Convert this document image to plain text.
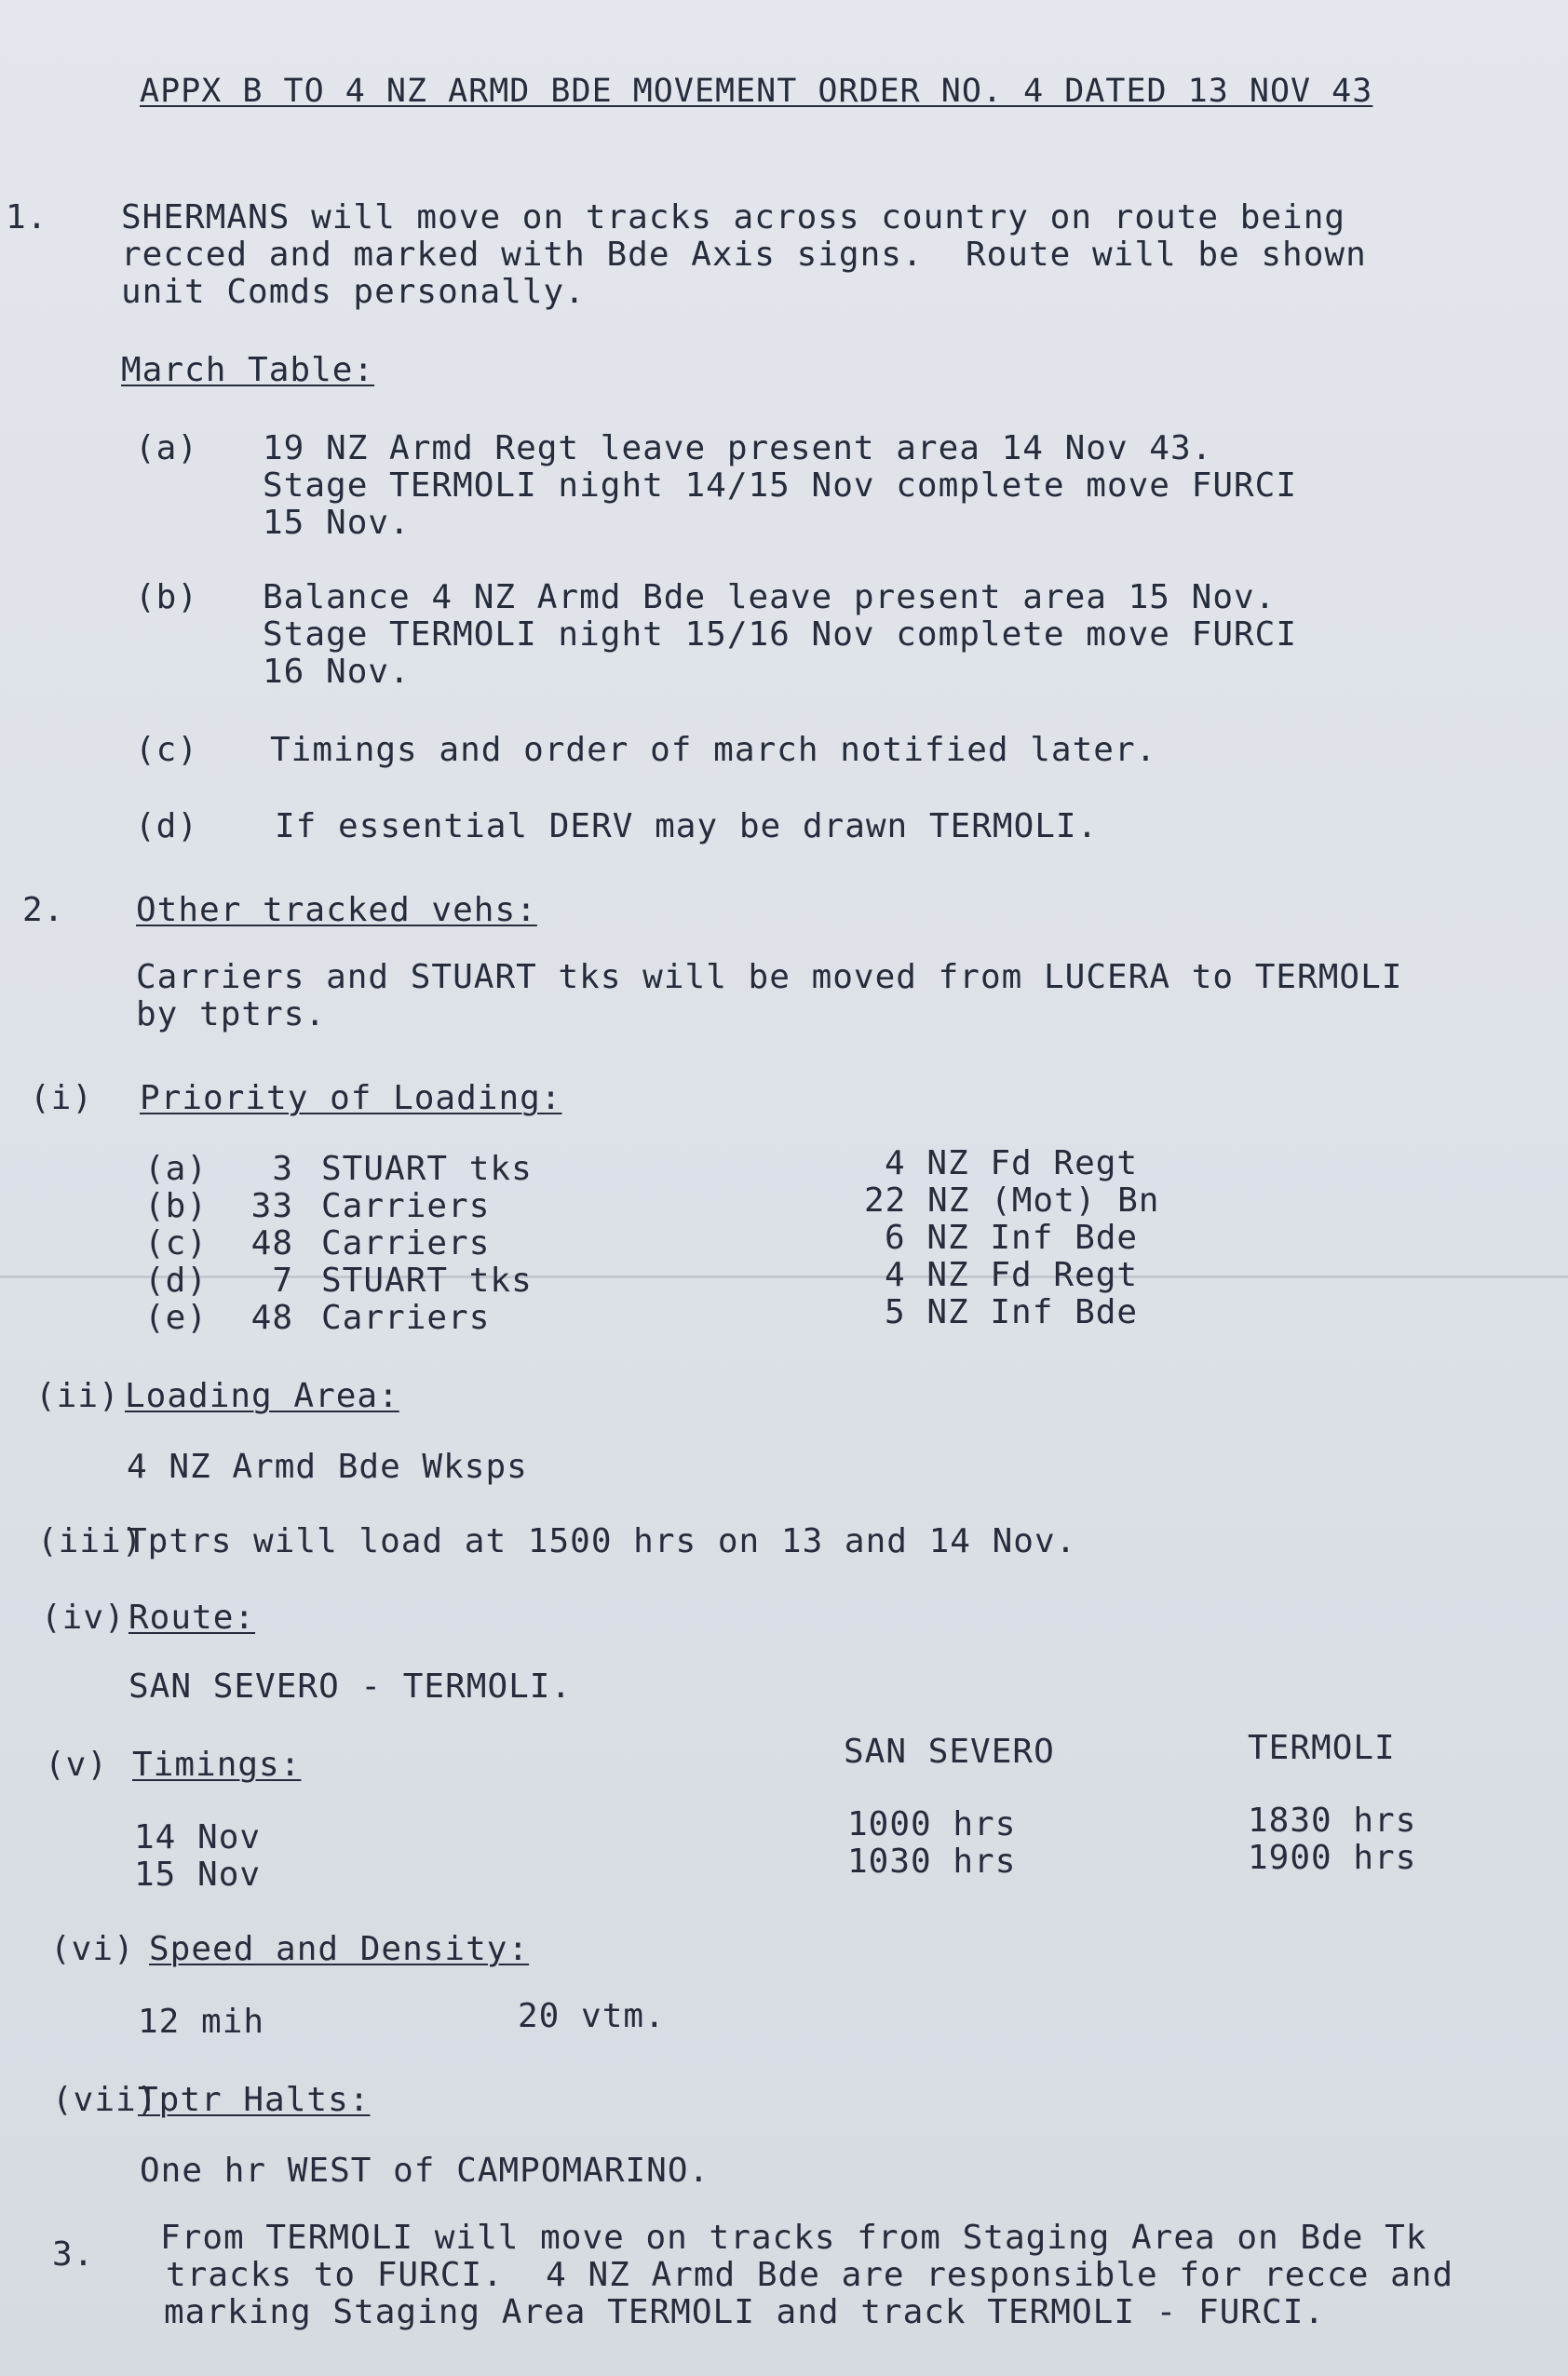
APPX B TO 4 NZ ARMD BDE MOVEMENT ORDER NO. 4 DATED 13 NOV 43
1. SHERMANS will move on tracks across country on route being
recced and marked with Bde Axis signs.  Route will be shown
unit Comds personally.
March Table:
(a) 19 NZ Armd Regt leave present area 14 Nov 43.
Stage TERMOLI night 14/15 Nov complete move FURCI
15 Nov.
(b) Balance 4 NZ Armd Bde leave present area 15 Nov.
Stage TERMOLI night 15/16 Nov complete move FURCI
16 Nov.
(c) Timings and order of march notified later.
(d) If essential DERV may be drawn TERMOLI.
2. Other tracked vehs:
Carriers and STUART tks will be moved from LUCERA to TERMOLI
by tptrs.
(i) Priority of Loading:
(a)	3 STUART tks	4 NZ Fd Regt
(b)	33 Carriers	22 NZ (Mot) Bn
(c)	48 Carriers	6 NZ Inf Bde
(d)	7 STUART tks	4 NZ Fd Regt
(e)	48 Carriers	5 NZ Inf Bde
(ii) Loading Area:
4 NZ Armd Bde Wksps
(iii)
Tptrs will load at 1500 hrs on 13 and 14 Nov.
(iv) Route:
SAN SEVERO - TERMOLI.
(v) Timings:	SAN SEVERO	TERMOLI
14 Nov	1000 hrs	1830 hrs
15 Nov	1030 hrs	1900 hrs
(vi) Speed and Density:
12 mih	20 vtm.
(vii)
Tptr Halts:
One hr WEST of CAMPOMARINO.
3. From TERMOLI will move on tracks from Staging Area on Bde Tk
tracks to FURCI.  4 NZ Armd Bde are responsible for recce and
marking Staging Area TERMOLI and track TERMOLI - FURCI.
